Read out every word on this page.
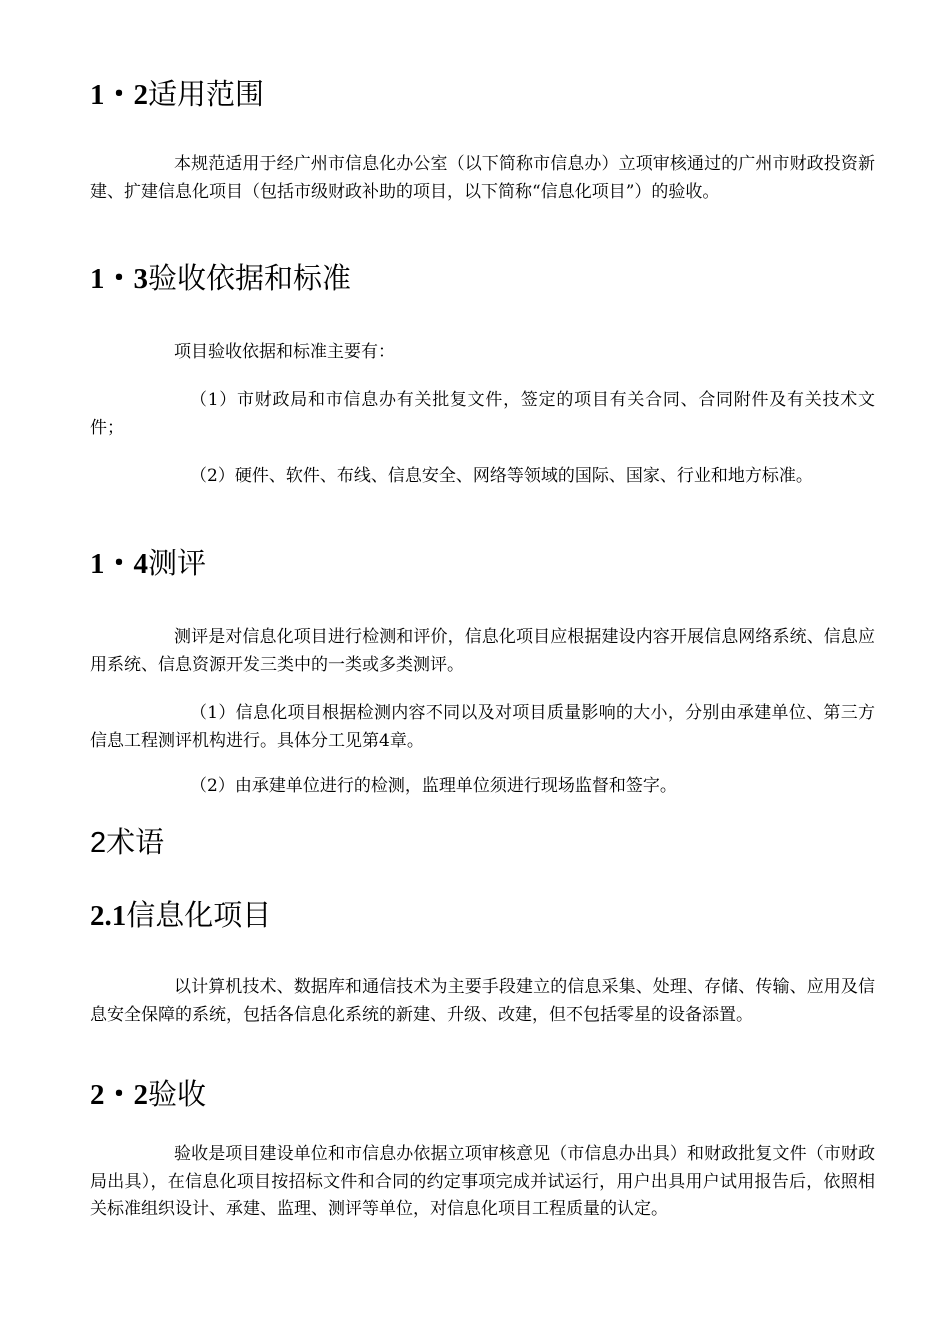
1・2适用范围

本规范适用于经广州市信息化办公室（以下简称市信息办）立项审核通过的广州市财政投资新建、扩建信息化项目（包括市级财政补助的项目，以下简称“信息化项目”）的验收。

1・3验收依据和标准

项目验收依据和标准主要有：

（1）市财政局和市信息办有关批复文件，签定的项目有关合同、合同附件及有关技术文件；

（2）硬件、软件、布线、信息安全、网络等领域的国际、国家、行业和地方标准。

1・4测评

测评是对信息化项目进行检测和评价，信息化项目应根据建设内容开展信息网络系统、信息应用系统、信息资源开发三类中的一类或多类测评。

（1）信息化项目根据检测内容不同以及对项目质量影响的大小，分别由承建单位、第三方信息工程测评机构进行。具体分工见第4章。

（2）由承建单位进行的检测，监理单位须进行现场监督和签字。

2术语
2.1信息化项目

以计算机技术、数据库和通信技术为主要手段建立的信息采集、处理、存储、传输、应用及信息安全保障的系统，包括各信息化系统的新建、升级、改建，但不包括零星的设备添置。

2・2验收

验收是项目建设单位和市信息办依据立项审核意见（市信息办出具）和财政批复文件（市财政局出具），在信息化项目按招标文件和合同的约定事项完成并试运行，用户出具用户试用报告后，依照相关标准组织设计、承建、监理、测评等单位，对信息化项目工程质量的认定。
